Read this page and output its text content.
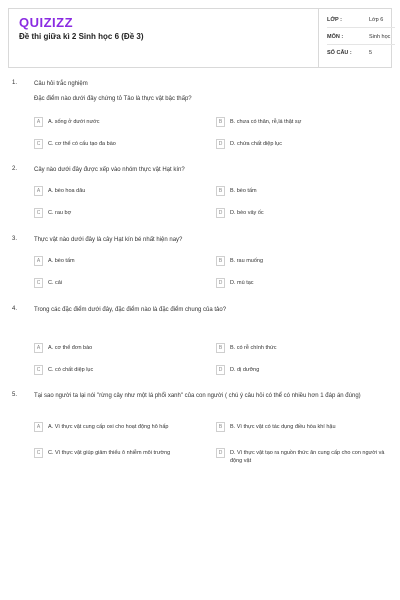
QUIZIZZ
Đề thi giữa kì 2 Sinh học 6 (Đề 3)
LỚP :	Lớp 6
MÔN :	Sinh học
SỐ CÂU :	5
1.	Câu hỏi trắc nghiệm
Đặc điểm nào dưới đây chứng tỏ Tảo là thực vật bậc thấp?
A	A. sống ở dưới nước	B	B. chưa có thân, rễ,lá thật sự
C	C. cơ thể có cấu tạo đa bào	D	D. chứa chất diệp lục
2.	Cây nào dưới đây được xếp vào nhóm thực vật Hạt kín?
A	A. bèo hoa dâu	B	B. bèo tấm
C	C. rau bợ	D	D. bèo vảy ốc
3.	Thực vật nào dưới đây là cây Hạt kín bé nhất hiện nay?
A	A. bèo tấm	B	B. rau muống
C	C. cải	D	D. mù tạc
4.	Trong các đặc điểm dưới đây, đặc điểm nào là đặc điểm chung của tảo?
A	A. cơ thể đơn bào	B	B. có rễ chính thức
C	C. có chất diệp lục	D	D. dị dưỡng
5.	Tại sao người ta lại nói "rừng cây như một lá phổi xanh" của con người ( chú ý câu hỏi có thể có nhiều hơn 1 đáp án đúng)
A	A. Vì thực vật cung cấp oxi cho hoạt động hô hấp	B	B. Vì thực vật có tác dụng điều hòa khí hậu
C	C. Vì thực vật giúp giảm thiểu ô nhiễm môi trường	D	D. Vì thực vật tạo ra nguồn thức ăn cung cấp cho con người và động vật
